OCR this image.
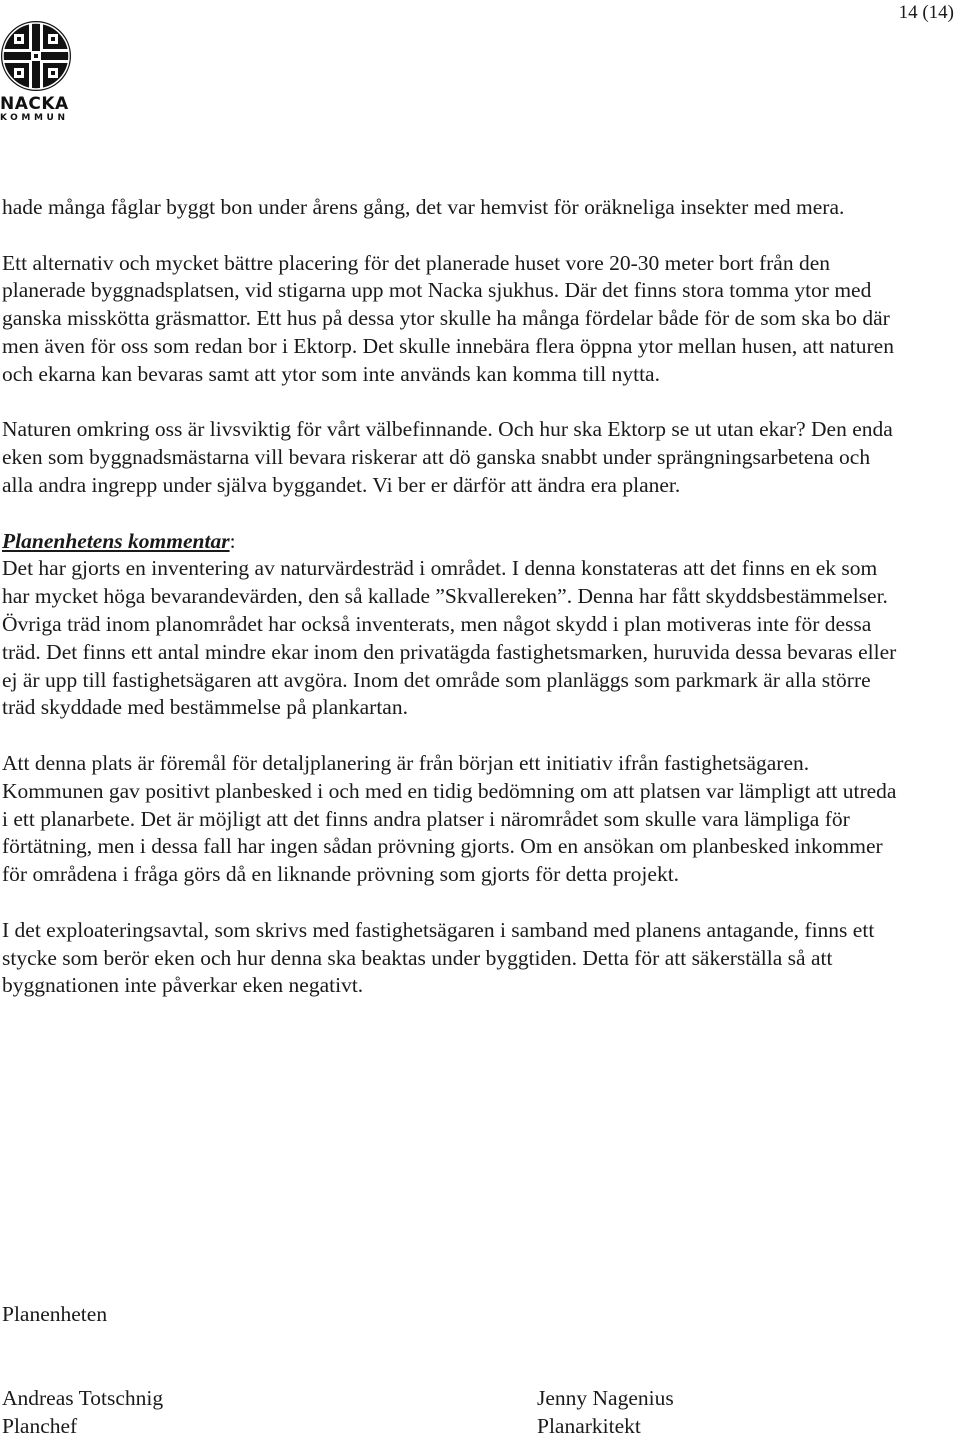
14 (14)
NACKA
KOMMUN

hade många fåglar byggt bon under årens gång, det var hemvist för oräkneliga insekter med mera.

Ett alternativ och mycket bättre placering för det planerade huset vore 20-30 meter bort från den planerade byggnadsplatsen, vid stigarna upp mot Nacka sjukhus. Där det finns stora tomma ytor med ganska misskötta gräsmattor. Ett hus på dessa ytor skulle ha många fördelar både för de som ska bo där men även för oss som redan bor i Ektorp. Det skulle innebära flera öppna ytor mellan husen, att naturen och ekarna kan bevaras samt att ytor som inte används kan komma till nytta.

Naturen omkring oss är livsviktig för vårt välbefinnande. Och hur ska Ektorp se ut utan ekar? Den enda eken som byggnadsmästarna vill bevara riskerar att dö ganska snabbt under sprängningsarbetena och alla andra ingrepp under själva byggandet. Vi ber er därför att ändra era planer.

Planenhetens kommentar:

Det har gjorts en inventering av naturvärdesträd i området. I denna konstateras att det finns en ek som har mycket höga bevarandevärden, den så kallade ”Skvallereken”. Denna har fått skyddsbestämmelser. Övriga träd inom planområdet har också inventerats, men något skydd i plan motiveras inte för dessa träd. Det finns ett antal mindre ekar inom den privatägda fastighetsmarken, huruvida dessa bevaras eller ej är upp till fastighetsägaren att avgöra. Inom det område som planläggs som parkmark är alla större träd skyddade med bestämmelse på plankartan.

Att denna plats är föremål för detaljplanering är från början ett initiativ ifrån fastighetsägaren. Kommunen gav positivt planbesked i och med en tidig bedömning om att platsen var lämpligt att utreda i ett planarbete. Det är möjligt att det finns andra platser i närområdet som skulle vara lämpliga för förtätning, men i dessa fall har ingen sådan prövning gjorts. Om en ansökan om planbesked inkommer för områdena i fråga görs då en liknande prövning som gjorts för detta projekt.

I det exploateringsavtal, som skrivs med fastighetsägaren i samband med planens antagande, finns ett stycke som berör eken och hur denna ska beaktas under byggtiden. Detta för att säkerställa så att byggnationen inte påverkar eken negativt.

Planenheten
Andreas Totschnig
Planchef
Jenny Nagenius
Planarkitekt
